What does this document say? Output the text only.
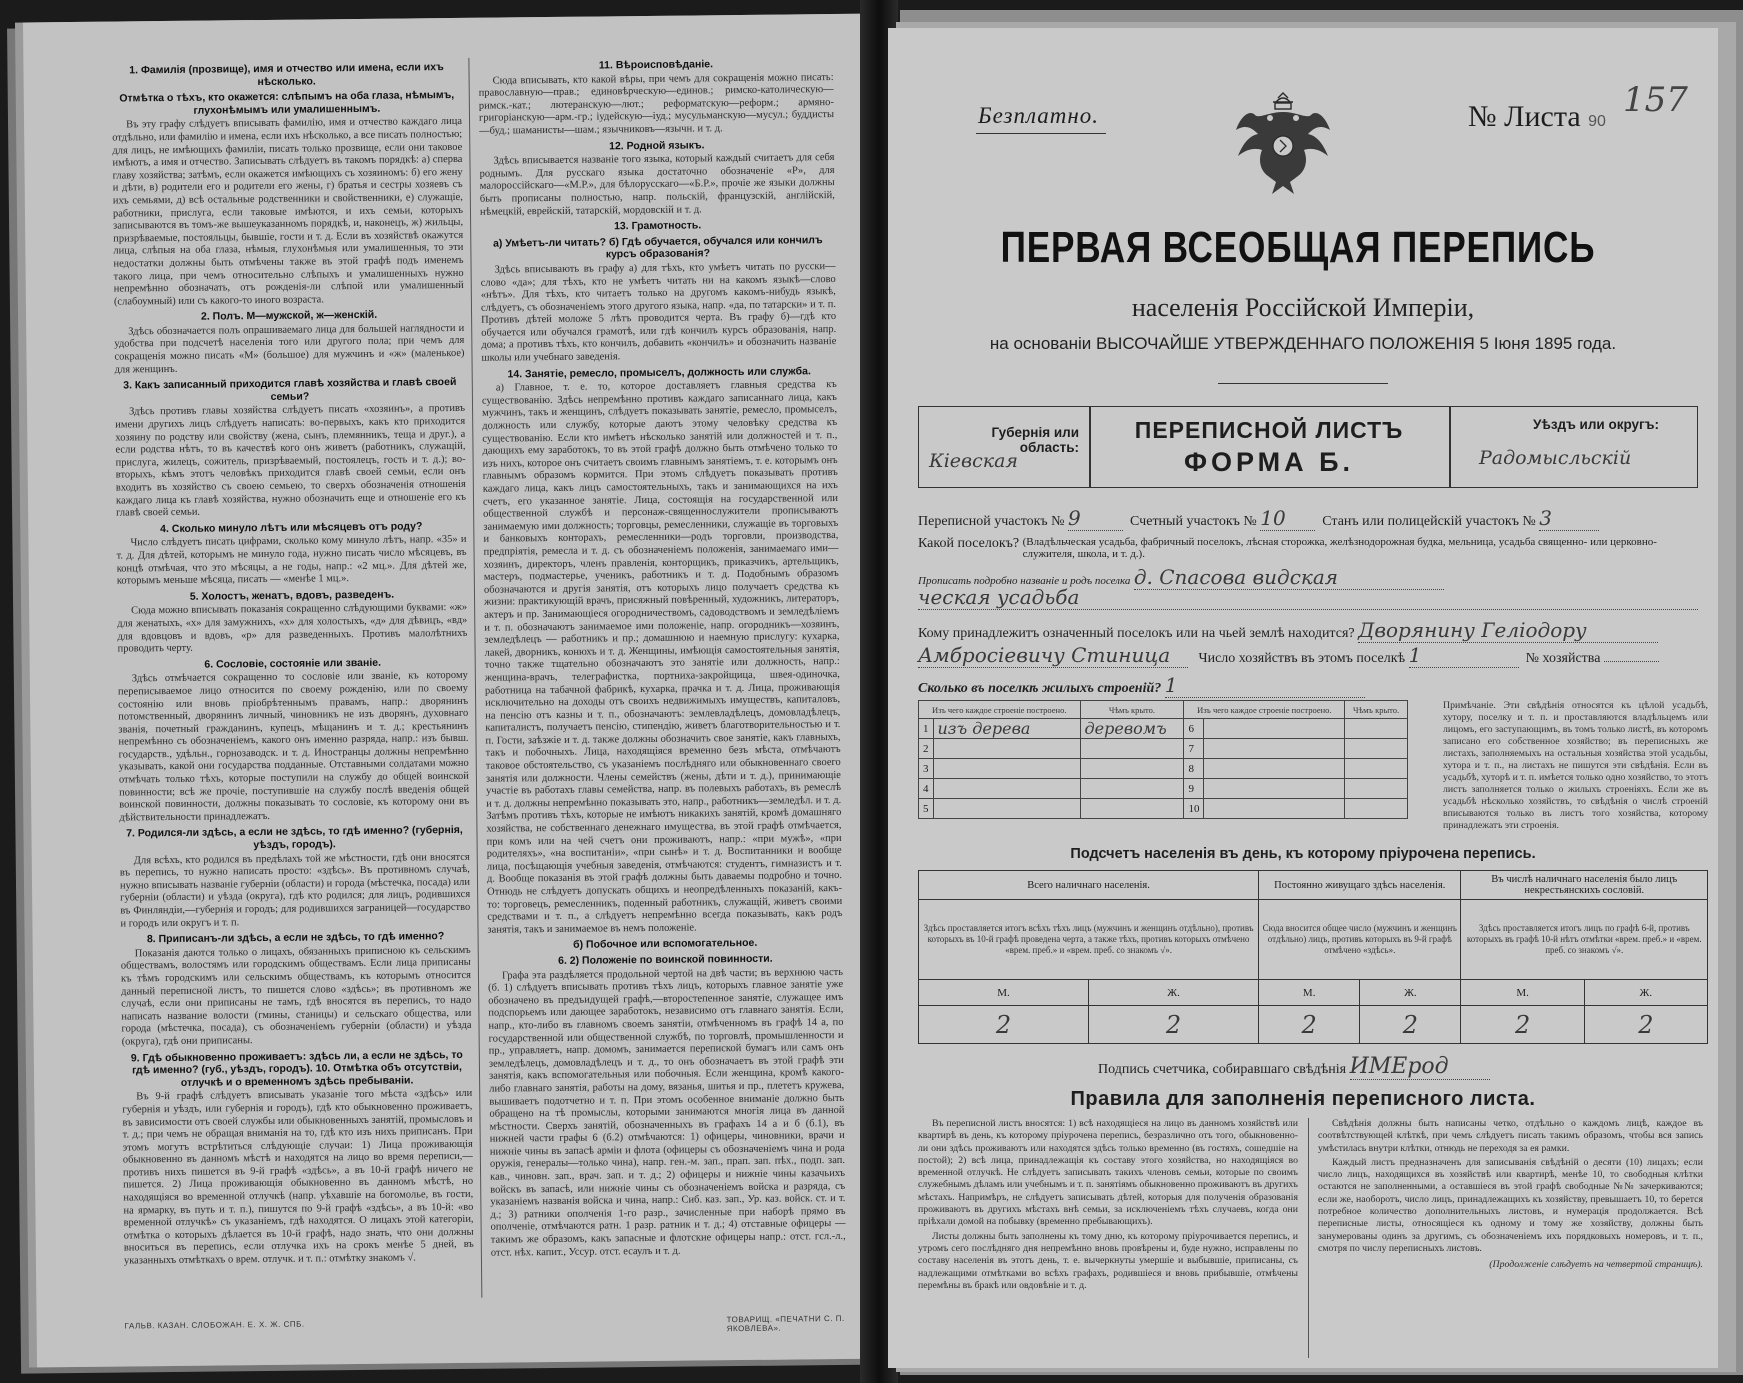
1. Фамилія (прозвище), имя и отчество или имена, если ихъ нѣсколько.
Отмѣтка о тѣхъ, кто окажется: слѣпымъ на оба глаза, нѣмымъ, глухонѣмымъ или умалишеннымъ.

Въ эту графу слѣдуетъ вписывать фамилію, имя и отчество каждаго лица отдѣльно, или фамилію и имена, если ихъ нѣсколько, а все писать полностью; для лицъ, не имѣющихъ фамиліи, писать только прозвище, если они таковое имѣютъ, а имя и отчество. Записывать слѣдуетъ въ такомъ порядкѣ: а) сперва главу хозяйства; затѣмъ, если окажется имѣющихъ съ хозяиномъ: б) его жену и дѣти, в) родители его и родители его жены, г) братья и сестры хозяевъ съ ихъ семьями, д) всѣ остальные родственники и свойственники, е) служащіе, работники, прислуга, если таковые имѣются, и ихъ семьи, которыхъ записываются въ томъ-же вышеуказанномъ порядкѣ, и, наконецъ, ж) жильцы, призрѣваемые, постояльцы, бывшіе, гости и т. д. Если въ хозяйствѣ окажутся лица, слѣпыя на оба глаза, нѣмыя, глухонѣмыя или умалишенныя, то эти недостатки должны быть отмѣчены также въ этой графѣ подъ именемъ такого лица, при чемъ относительно слѣпыхъ и умалишенныхъ нужно непремѣнно обозначать, отъ рожденія-ли слѣпой или умалишенный (слабоумный) или съ какого-то иного возраста.

2. Полъ. М—мужской, ж—женскій.

Здѣсь обозначается полъ опрашиваемаго лица для большей наглядности и удобства при подсчетѣ населенія того или другого пола; при чемъ для сокращенія можно писать «М» (большое) для мужчинъ и «ж» (маленькое) для женщинъ.

3. Какъ записанный приходится главѣ хозяйства и главѣ своей семьи?

Здѣсь противъ главы хозяйства слѣдуетъ писать «хозяинъ», а противъ имени другихъ лицъ слѣдуетъ написать: во-первыхъ, какъ кто приходится хозяину по родству или свойству (жена, сынъ, племянникъ, теща и друг.), а если родства нѣтъ, то въ качествѣ кого онъ живетъ (работникъ, служащій, прислуга, жилецъ, сожитель, призрѣваемый, постоялецъ, гость и т. д.); во-вторыхъ, кѣмъ этотъ человѣкъ приходится главѣ своей семьи, если онъ входитъ въ хозяйство съ своею семьею, то сверхъ обозначенія отношенія каждаго лица къ главѣ хозяйства, нужно обозначить еще и отношеніе его къ главѣ своей семьи.

4. Сколько минуло лѣтъ или мѣсяцевъ отъ роду?

Число слѣдуетъ писать цифрами, сколько кому минуло лѣтъ, напр. «35» и т. д. Для дѣтей, которымъ не минуло года, нужно писать число мѣсяцевъ, въ концѣ отмѣчая, что это мѣсяцы, а не годы, напр.: «2 мц.». Для дѣтей же, которымъ меньше мѣсяца, писать — «менѣе 1 мц.».

5. Холостъ, женатъ, вдовъ, разведенъ.

Сюда можно вписывать показанія сокращенно слѣдующими буквами: «ж» для женатыхъ, «х» для замужнихъ, «х» для холостыхъ, «д» для дѣвицъ, «вд» для вдовцовъ и вдовъ, «р» для разведенныхъ. Противъ малолѣтнихъ проводить черту.

6. Сословіе, состояніе или званіе.

Здѣсь отмѣчается сокращенно то сословіе или званіе, къ которому переписываемое лицо относится по своему рожденію, или по своему состоянію или вновь пріобрѣтеннымъ правамъ, напр.: дворянинъ потомственный, дворянинъ личный, чиновникъ не изъ дворянъ, духовнаго званія, почетный гражданинъ, купецъ, мѣщанинъ и т. д.; крестьянинъ непремѣнно съ обозначеніемъ, какого онъ именно разряда, напр.: изъ бывш. государств., удѣльн., горнозаводск. и т. д. Иностранцы должны непремѣнно указывать, какой они государства подданные. Отставными солдатами можно отмѣчать только тѣхъ, которые поступили на службу до общей воинской повинности; всѣ же прочіе, поступившіе на службу послѣ введенія общей воинской повинности, должны показывать то сословіе, къ которому они въ дѣйствительности принадлежатъ.

7. Родился-ли здѣсь, а если не здѣсь, то гдѣ именно? (губернія, уѣздъ, городъ).

Для всѣхъ, кто родился въ предѣлахъ той же мѣстности, гдѣ они вносятся въ перепись, то нужно написать просто: «здѣсь». Въ противномъ случаѣ, нужно вписывать названіе губерніи (области) и города (мѣстечка, посада) или губерніи (области) и уѣзда (округа), гдѣ кто родился; для лицъ, родившихся въ Финляндіи,—губернія и городъ; для родившихся заграницей—государство и городъ или округъ и т. п.

8. Приписанъ-ли здѣсь, а если не здѣсь, то гдѣ именно?

Показанія даются только о лицахъ, обязанныхъ приписною къ сельскимъ обществамъ, волостямъ или городскимъ обществамъ. Если лица приписаны къ тѣмъ городскимъ или сельскимъ обществамъ, къ которымъ относится данный переписной листъ, то пишется слово «здѣсь»; въ противномъ же случаѣ, если они приписаны не тамъ, гдѣ вносятся въ перепись, то надо написать название волости (гмины, станицы) и сельскаго общества, или города (мѣстечка, посада), съ обозначеніемъ губерніи (области) и уѣзда (округа), гдѣ они приписаны.

9. Гдѣ обыкновенно проживаетъ: здѣсь ли, а если не здѣсь, то гдѣ именно? (губ., уѣздъ, городъ). 10. Отмѣтка объ отсутствіи, отлучкѣ и о временномъ здѣсь пребываніи.

Въ 9-й графѣ слѣдуетъ вписывать указаніе того мѣста «здѣсь» или губернія и уѣздъ, или губернія и городъ), гдѣ кто обыкновенно проживаетъ, въ зависимости отъ своей службы или обыкновенныхъ занятій, промысловъ и т. д.; при чемъ не обращая вниманія на то, гдѣ кто изъ нихъ приписанъ. При этомъ могутъ встрѣтиться слѣдующіе случаи: 1) Лица проживающія обыкновенно въ данномъ мѣстѣ и находятся на лицо во время переписи,—противъ нихъ пишется въ 9-й графѣ «здѣсь», а въ 10-й графѣ ничего не пишется. 2) Лица проживающія обыкновенно въ данномъ мѣстѣ, но находящіяся во временной отлучкѣ (напр. уѣхавшіе на богомолье, въ гости, на ярмарку, въ путь и т. п.), пишутся по 9-й графѣ «здѣсь», а въ 10-й: «во временной отлучкѣ» съ указаніемъ, гдѣ находятся. О лицахъ этой категоріи, отмѣтка о которыхъ дѣлается въ 10-й графѣ, надо знать, что они должны вноситься въ перепись, если отлучка ихъ на срокъ менѣе 5 дней, въ указанныхъ отмѣткахъ о врем. отлучк. и т. п.: отмѣтку знакомъ √.

11. Вѣроисповѣданіе.

Сюда вписывать, кто какой вѣры, при чемъ для сокращенія можно писать: православную—прав.; единовѣрческую—единов.; римско-католическую—римск.-кат.; лютеранскую—лют.; реформатскую—реформ.; армяно-григоріанскую—арм.-гр.; іудейскую—іуд.; мусульманскую—мусул.; буддисты—буд.; шаманисты—шам.; язычниковъ—язычн. и т. д.

12. Родной языкъ.

Здѣсь вписывается названіе того языка, который каждый считаетъ для себя роднымъ. Для русскаго языка достаточно обозначеніе «Р», для малороссійскаго—«М.Р.», для бѣлорусскаго—«Б.Р.», прочіе же языки должны быть прописаны полностью, напр. польскій, французскій, англійскій, нѣмецкій, еврейскій, татарскій, мордовскій и т. д.

13. Грамотность.
а) Умѣетъ-ли читать? б) Гдѣ обучается, обучался или кончилъ курсъ образованія?

Здѣсь вписывають въ графу а) для тѣхъ, кто умѣетъ читать по русски—слово «да»; для тѣхъ, кто не умѣетъ читать ни на какомъ языкѣ—слово «нѣтъ». Для тѣхъ, кто читаетъ только на другомъ какомъ-нибудь языкѣ, слѣдуетъ, съ обозначеніемъ этого другого языка, напр. «да, по татарски» и т. п. Противъ дѣтей моложе 5 лѣтъ проводится черта. Въ графу б)—гдѣ кто обучается или обучался грамотѣ, или гдѣ кончилъ курсъ образованія, напр. дома; а противъ тѣхъ, кто кончилъ, добавить «кончилъ» и обозначить названіе школы или учебнаго заведенія.

14. Занятіе, ремесло, промыселъ, должность или служба.

а) Главное, т. е. то, которое доставляетъ главныя средства къ существованію. Здѣсь непремѣнно противъ каждаго записаннаго лица, какъ мужчинъ, такъ и женщинъ, слѣдуетъ показывать занятіе, ремесло, промыселъ, должность или службу, которые даютъ этому человѣку средства къ существованію. Если кто имѣетъ нѣсколько занятій или должностей и т. п., дающихъ ему заработокъ, то въ этой графѣ должно быть отмѣчено только то изъ нихъ, которое онъ считаетъ своимъ главнымъ занятіемъ, т. е. которымъ онъ главнымъ образомъ кормится. При этомъ слѣдуетъ показывать противъ каждаго лица, какъ лицъ самостоятельныхъ, такъ и занимающихся на ихъ счетъ, его указанное занятіе. Лица, состоящія на государственной или общественной службѣ и персонаж-священнослужители прописываютъ занимаемую ими должность; торговцы, ремесленники, служащіе въ торговыхъ и банковыхъ конторахъ, ремесленники—родъ торговли, производства, предпріятія, ремесла и т. д. съ обозначеніемъ положенія, занимаемаго ими—хозяинъ, директоръ, членъ правленія, конторщикъ, приказчикъ, артельщикъ, мастеръ, подмастерье, ученикъ, работникъ и т. д. Подобнымъ образомъ обозначаются и другія занятія, отъ которыхъ лицо получаетъ средства къ жизни: практикующій врачъ, присяжный повѣренный, художникъ, литераторъ, актеръ и пр. Занимающіеся огородничествомъ, садоводствомъ и земледѣліемъ и т. п. обозначаютъ занимаемое ими положеніе, напр. огородникъ—хозяинъ, земледѣлецъ — работникъ и пр.; домашнюю и наемную прислугу: кухарка, лакей, дворникъ, конюхъ и т. д. Женщины, имѣющія самостоятельныя занятія, точно также тщательно обозначаютъ это занятіе или должность, напр.: женщина-врачъ, телеграфистка, портниха-закройщица, швея-одиночка, работница на табачной фабрикѣ, кухарка, прачка и т. д. Лица, проживающія исключительно на доходы отъ своихъ недвижимыхъ имуществъ, капиталовъ, на пенсію отъ казны и т. п., обозначаютъ: землевладѣлецъ, домовладѣлецъ, капиталистъ, получаетъ пенсію, стипендію, живетъ благотворительностью и т. п. Гости, заѣзжіе и т. д. также должны обозначить свое занятіе, какъ главныхъ, такъ и побочныхъ. Лица, находящіяся временно безъ мѣста, отмѣчаютъ таковое обстоятельство, съ указаніемъ послѣдняго или обыкновеннаго своего занятія или должности. Члены семействъ (жены, дѣти и т. д.), принимающіе участіе въ работахъ главы семейства, напр. въ полевыхъ работахъ, въ ремеслѣ и т. д. должны непремѣнно показывать это, напр., работникъ—земледѣл. и т. д. Затѣмъ противъ тѣхъ, которые не имѣютъ никакихъ занятій, кромѣ домашняго хозяйства, не собственнаго денежнаго имущества, въ этой графѣ отмѣчается, при комъ или на чей счетъ они проживаютъ, напр.: «при мужѣ», «при родителяхъ», «на воспитаніи», «при сынѣ» и т. д. Воспитанники и вообще лица, посѣщающія учебныя заведенія, отмѣчаются: студентъ, гимназистъ и т. д. Вообще показанія въ этой графѣ должны быть даваемы подробно и точно. Отнюдь не слѣдуетъ допускать общихъ и неопредѣленныхъ показаній, какъ-то: торговецъ, ремесленникъ, поденный работникъ, служащій, живетъ своими средствами и т. п., а слѣдуетъ непремѣнно всегда показывать, какъ родъ занятія, такъ и занимаемое въ немъ положеніе.

б) Побочное или вспомогательное.
6. 2) Положеніе по воинской повинности.

Графа эта раздѣляется продольной чертой на двѣ части; въ верхнюю часть (б. 1) слѣдуетъ вписывать противъ тѣхъ лицъ, которыхъ главное занятіе уже обозначено въ предъидущей графѣ,—второстепенное занятіе, служащее имъ подспорьемъ или дающее заработокъ, независимо отъ главнаго занятія. Если, напр., кто-либо въ главномъ своемъ занятіи, отмѣченномъ въ графѣ 14 а, по государственной или общественной службѣ, по торговлѣ, промышленности и пр., управляетъ, напр. домомъ, занимается перепиской бумагъ или самъ онъ земледѣлецъ, домовладѣлецъ и т. д., то онъ обозначаетъ въ этой графѣ эти занятія, какъ вспомогательныя или побочныя. Если женщина, кромѣ какого-либо главнаго занятія, работы на дому, вязанья, шитья и пр., плететъ кружева, вышиваетъ подотчетно и т. п. При этомъ особенное вниманіе должно быть обращено на тѣ промыслы, которыми занимаются многія лица въ данной мѣстности. Сверхъ занятій, обозначенныхъ въ графахъ 14 а и б (б.1), въ нижней части графы 6 (б.2) отмѣчаются: 1) офицеры, чиновники, врачи и нижніе чины въ запасѣ арміи и флота (офицеры съ обозначеніемъ чина и рода оружія, генералы—только чина), напр. ген.-м. зап., прап. зап. пѣх., подп. зап. кав., чиновн. зап., врач. зап. и т. д.; 2) офицеры и нижніе чины казачьихъ войскъ въ запасѣ, или нижніе чины съ обозначеніемъ войска и разряда, съ указаніемъ названія войска и чина, напр.: Сиб. каз. зап., Ур. каз. войск. ст. и т. д.; 3) ратники ополченія 1-го разр., зачисленные при наборѣ прямо въ ополченіе, отмѣчаются ратн. 1 разр. ратник и т. д.; 4) отставные офицеры — такимъ же образомъ, какъ запасные и флотские офицеры напр.: отст. гсл.-л., отст. нѣх. капит., Уссур. отст. есаулъ и т. д.

ГАЛЬВ. КАЗАН. СЛОБОЖАН. Е. Х. Ж. СПБ.
ТОВАРИЩ. «ПЕЧАТНИ С. П. ЯКОВЛЕВА».
Безплатно.	№ Листа 90
157
ПЕРВАЯ ВСЕОБЩАЯ ПЕРЕПИСЬ
населенія Россійской Имперіи,
на основаніи ВЫСОЧАЙШЕ УТВЕРЖДЕННАГО ПОЛОЖЕНІЯ 5 Іюня 1895 года.
Губернія или область:
Кіевская
ПЕРЕПИСНОЙ ЛИСТЪ
ФОРМА Б.
Уѣздъ или округъ:
Радомысльскій
Переписной участокъ № 9	Счетный участокъ № 10	Станъ или полицейскій участокъ № 3
Какой поселокъ? (Владѣльческая усадьба, фабричный поселокъ, лѣсная сторожка, желѣзнодорожная будка, мельница, усадьба священно- или церковно-служителя, школа, и т. д.).
Прописать подробно названіе и родъ поселка д. Спасова видская
ческая усадьба
Кому принадлежитъ означенный поселокъ или на чьей землѣ находится? Дворянину Геліодору
Амбросіевичу Стиница Число хозяйствъ въ этомъ поселкѣ 1	№ хозяйства
Сколько въ поселкѣ жилыхъ строеній? 1
Изъ чего каждое строеніе построено.		Чѣмъ крыто.	Изъ чего каждое строеніе построено.		Чѣмъ крыто.
1	изъ дерева	деревомъ	6		
2			7		
3			8		
4			9		
5			10		
Примѣчаніе. Эти свѣдѣнія относятся къ цѣлой усадьбѣ, хутору, поселку и т. п. и проставляются владѣльцемъ или лицомъ, его заступающимъ, въ томъ только листѣ, въ которомъ записано его собственное хозяйство; въ переписныхъ же листахъ, заполняемыхъ на остальныя хозяйства этой усадьбы, хутора и т. п., на листахъ не пишутся эти свѣдѣнія. Если въ усадьбѣ, хуторѣ и т. п. имѣется только одно хозяйство, то этотъ листъ заполняется только о жилыхъ строеніяхъ. Если же въ усадьбѣ нѣсколько хозяйствъ, то свѣдѣнія о числѣ строеній вписываются только въ листъ того хозяйства, которому принадлежатъ эти строенія.
Подсчетъ населенія въ день, къ которому пріурочена перепись.
Всего наличнаго населенія.		Постоянно живущаго здѣсь населенія.		Въ числѣ наличнаго населенія было лицъ некрестьянскихъ сословій.	
Здѣсь проставляется итогъ всѣхъ тѣхъ лицъ (мужчинъ и женщинъ отдѣльно), противъ которыхъ въ 10-й графѣ проведена черта, а также тѣхъ, противъ которыхъ отмѣчено «врем. преб.» и «врем. преб. со знакомъ √».		Сюда вносится общее число (мужчинъ и женщинъ отдѣльно) лицъ, противъ которыхъ въ 9-й графѣ отмѣчено «здѣсь».		Здѣсь проставляется итогъ лицъ по графѣ 6-й, противъ которыхъ въ графѣ 10-й нѣтъ отмѣтки «врем. преб.» и «врем. преб. со знакомъ √».	
М.	Ж.	М.	Ж.	М.	Ж.
2	2	2	2	2	2
Подпись счетчика, собиравшаго свѣдѣнія ИМЕрод
Правила для заполненія переписного листа.

Въ переписной листъ вносятся: 1) всѣ находящіеся на лицо въ данномъ хозяйствѣ или квартирѣ въ день, къ которому пріурочена перепись, безразлично отъ того, обыкновенно-ли они здѣсь проживаютъ или находятся здѣсь только временно (въ гостяхъ, сошедшіе на постой); 2) всѣ лица, принадлежащія къ составу этого хозяйства, но находящіяся во временной отлучкѣ. Не слѣдуетъ записывать такихъ членовъ семьи, которые по своимъ служебнымъ дѣламъ или учебнымъ и т. п. занятіямъ обыкновенно проживаютъ въ другихъ мѣстахъ. Напримѣръ, не слѣдуетъ записывать дѣтей, которыя для полученія образованія проживаютъ въ другихъ мѣстахъ внѣ семьи, за исключеніемъ тѣхъ случаевъ, когда они пріѣхали домой на побывку (временно пребывающихъ).

Листы должны быть заполнены къ тому дню, къ которому пріурочивается перепись, и утромъ сего послѣдняго дня непремѣнно вновь провѣрены и, буде нужно, исправлены по составу населенія въ этотъ день, т. е. вычеркнуты умершіе и выбывшіе, приписаны, съ надлежащими отмѣтками во всѣхъ графахъ, родившіеся и вновь прибывшіе, отмѣчены перемѣны въ бракѣ или овдовѣніе и т. д.

Свѣдѣнія должны быть написаны четко, отдѣльно о каждомъ лицѣ, каждое въ соотвѣтствующей клѣткѣ, при чемъ слѣдуетъ писать такимъ образомъ, чтобы вся запись умѣстилась внутри клѣтки, отнюдь не переходя за ея рамки.

Каждый листъ предназначенъ для записыванія свѣдѣній о десяти (10) лицахъ; если число лицъ, находящихся въ хозяйствѣ или квартирѣ, менѣе 10, то свободныя клѣтки остаются не заполненными, а оставшіеся въ этой графѣ свободные №№ зачеркиваются; если же, наоборотъ, число лицъ, принадлежащихъ къ хозяйству, превышаетъ 10, то берется потребное количество дополнительныхъ листовъ, и нумерація продолжается. Всѣ переписные листы, относящіеся къ одному и тому же хозяйству, должны быть занумерованы одинъ за другимъ, съ обозначеніемъ ихъ порядковыхъ номеровъ, и т. п., смотря по числу переписныхъ листовъ.

(Продолженіе слѣдуетъ на четвертой страницѣ).
